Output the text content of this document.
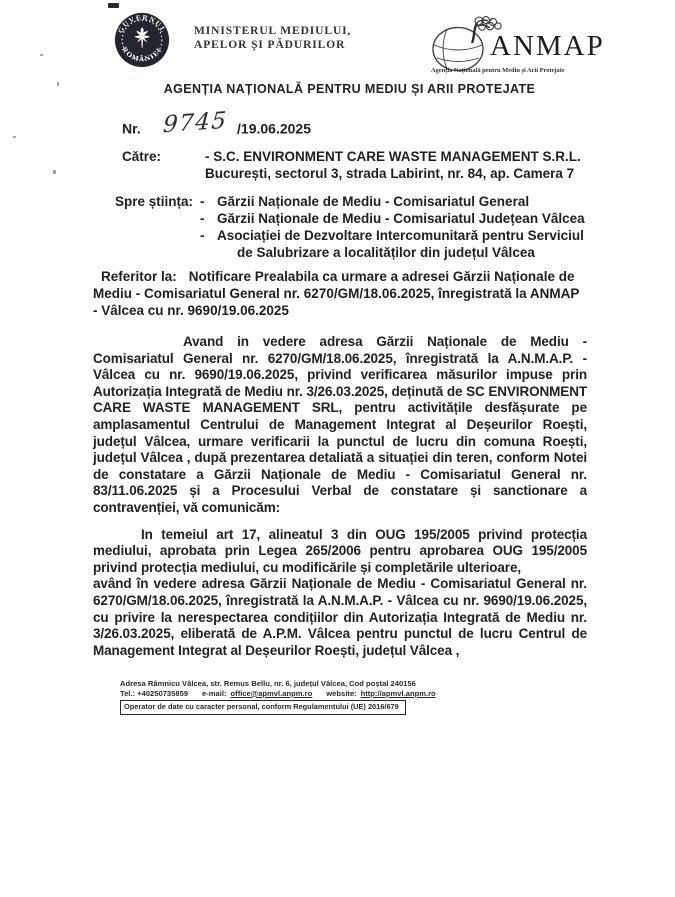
GUVERNUL
ROMÂNIEI
MINISTERUL MEDIULUI,
APELOR ȘI PĂDURILOR	ANMAP
Agenția Națională pentru Mediu și Arii Protejate
AGENȚIA NAȚIONALĂ PENTRU MEDIU ȘI ARII PROTEJATE
Nr. 9745 /19.06.2025
Către:	- S.C. ENVIRONMENT CARE WASTE MANAGEMENT S.R.L.
București, sectorul 3, strada Labirint, nr. 84, ap. Camera 7
Spre știința: - Gărzii Naționale de Mediu - Comisariatul General
- Gărzii Naționale de Mediu - Comisariatul Județean Vâlcea
- Asociației de Dezvoltare Intercomunitară pentru Serviciul de Salubrizare a localităților din județul Vâlcea

Referitor la: Notificare Prealabila ca urmare a adresei Gărzii Naționale de Mediu - Comisariatul General nr. 6270/GM/18.06.2025, înregistrată la ANMAP - Vâlcea cu nr. 9690/19.06.2025

Avand in vedere adresa Gărzii Naționale de Mediu - Comisariatul General nr. 6270/GM/18.06.2025, înregistrată la A.N.M.A.P. - Vâlcea cu nr. 9690/19.06.2025, privind verificarea măsurilor impuse prin Autorizația Integrată de Mediu nr. 3/26.03.2025, deținută de SC ENVIRONMENT CARE WASTE MANAGEMENT SRL, pentru activitățile desfășurate pe amplasamentul Centrului de Management Integrat al Deșeurilor Roești, județul Vâlcea, urmare verificarii la punctul de lucru din comuna Roești, județul Vâlcea , după prezentarea detaliată a situației din teren, conform Notei de constatare a Gărzii Naționale de Mediu - Comisariatul General nr. 83/11.06.2025 și a Procesului Verbal de constatare și sanctionare a contravenției, vă comunicăm:

In temeiul art 17, alineatul 3 din OUG 195/2005 privind protecția mediului, aprobata prin Legea 265/2006 pentru aprobarea OUG 195/2005 privind protecția mediului, cu modificările și completările ulterioare,

având în vedere adresa Gărzii Naționale de Mediu - Comisariatul General nr. 6270/GM/18.06.2025, înregistrată la A.N.M.A.P. - Vâlcea cu nr. 9690/19.06.2025, cu privire la nerespectarea condițiilor din Autorizația Integrată de Mediu nr. 3/26.03.2025, eliberată de A.P.M. Vâlcea pentru punctul de lucru Centrul de Management Integrat al Deșeurilor Roești, județul Vâlcea ,

Adresa Râmnicu Vâlcea, str. Remus Bellu, nr. 6, județul Vâlcea, Cod poștal 240156
Tel.: +40250735859 e-mail: office@apmvl.anpm.ro website: http://apmvl.anpm.ro
Operator de date cu caracter personal, conform Regulamentului (UE) 2016/679
